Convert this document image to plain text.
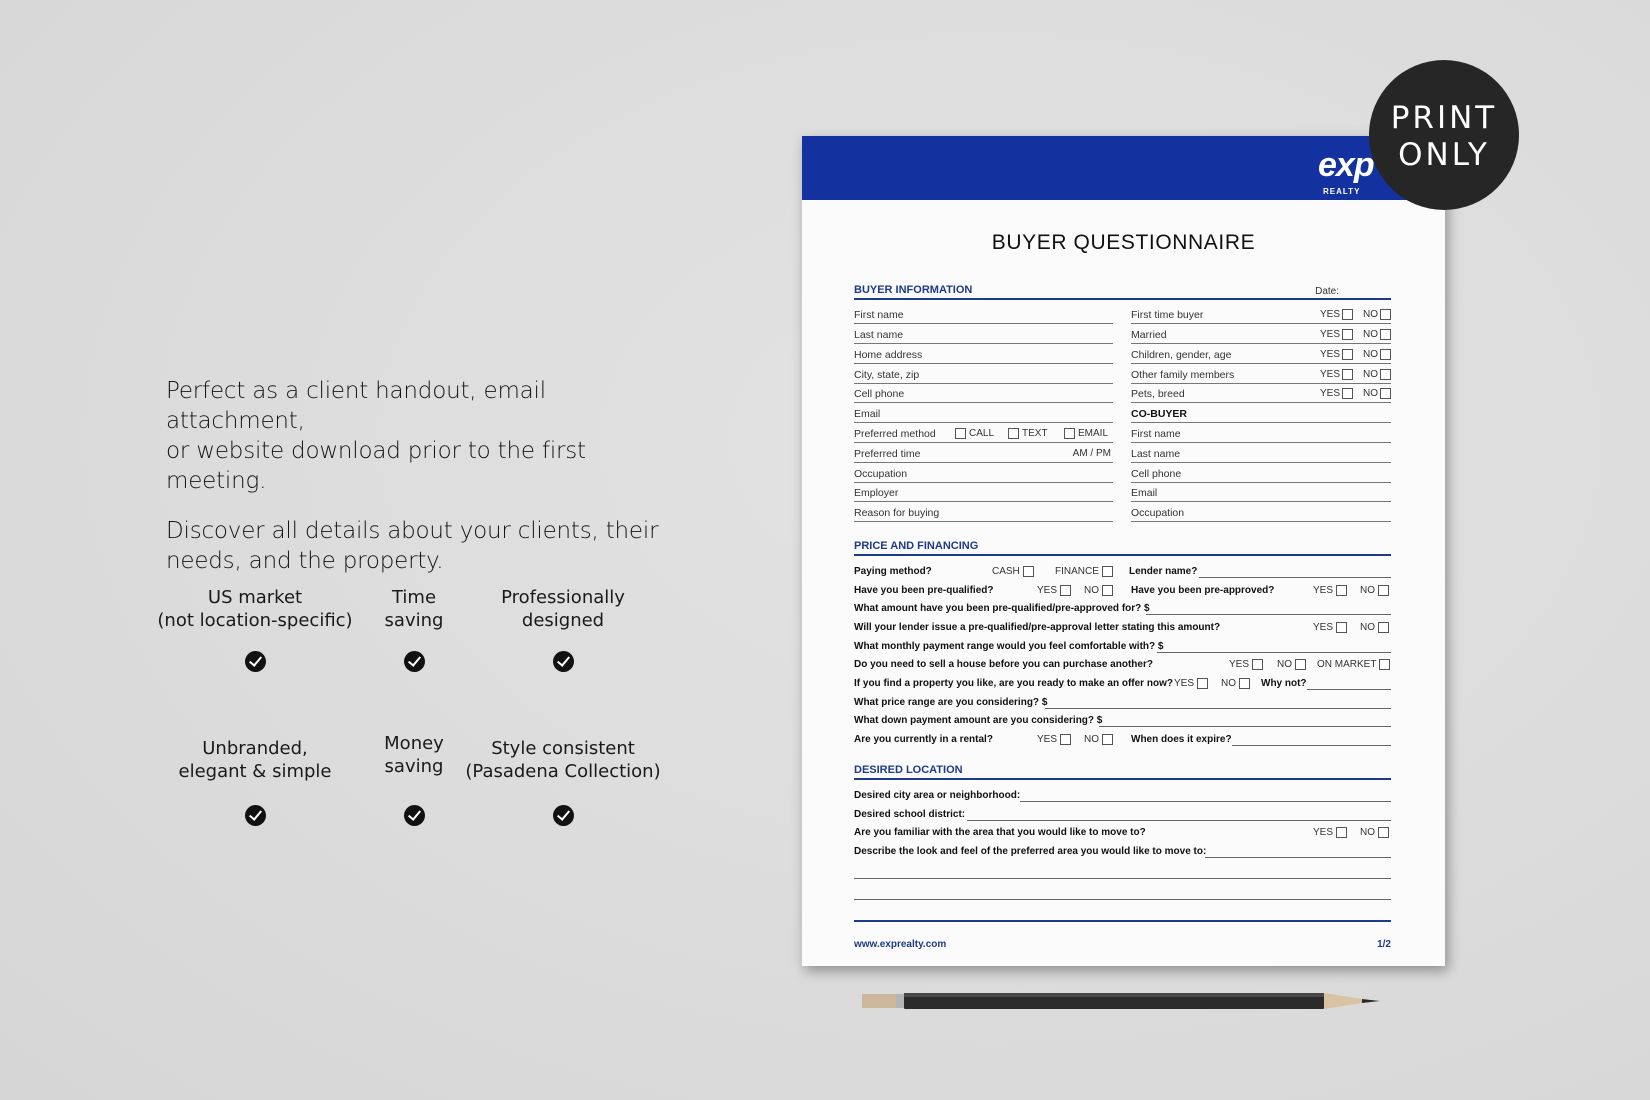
Perfect as a client handout, email attachment,
or website download prior to the first meeting.

Discover all details about your clients, their
needs, and the property.

US market
(not location-specific)
Time
saving
Professionally
designed
Unbranded,
elegant & simple
Money
saving
Style consistent
(Pasadena Collection)
exp
REALTY
BUYER QUESTIONNAIRE
BUYER INFORMATION	Date:
First name
Last name
Home address
City, state, zip
Cell phone
Email
Preferred method	CALL	TEXT	EMAIL
Preferred time	AM / PM
Occupation
Employer
Reason for buying
First time buyer	YES NO
Married	YES NO
Children, gender, age	YES NO
Other family members	YES NO
Pets, breed	YES NO
CO-BUYER
First name
Last name
Cell phone
Email
Occupation
PRICE AND FINANCING
Paying method?	CASH	FINANCE	Lender name?
Have you been pre-qualified?	YES	NO	Have you been pre-approved?	YES	NO
What amount have you been pre-qualified/pre-approved for? $
Will your lender issue a pre-qualified/pre-approval letter stating this amount?	YES	NO
What monthly payment range would you feel comfortable with? $
Do you need to sell a house before you can purchase another?	YES	NO	ON MARKET
If you find a property you like, are you ready to make an offer now? YES	NO	Why not?
What price range are you considering? $
What down payment amount are you considering? $
Are you currently in a rental?	YES	NO	When does it expire?
DESIRED LOCATION
Desired city area or neighborhood:
Desired school district:
Are you familiar with the area that you would like to move to?	YES	NO
Describe the look and feel of the preferred area you would like to move to:
www.exprealty.com	1/2
PRINT
ONLY
